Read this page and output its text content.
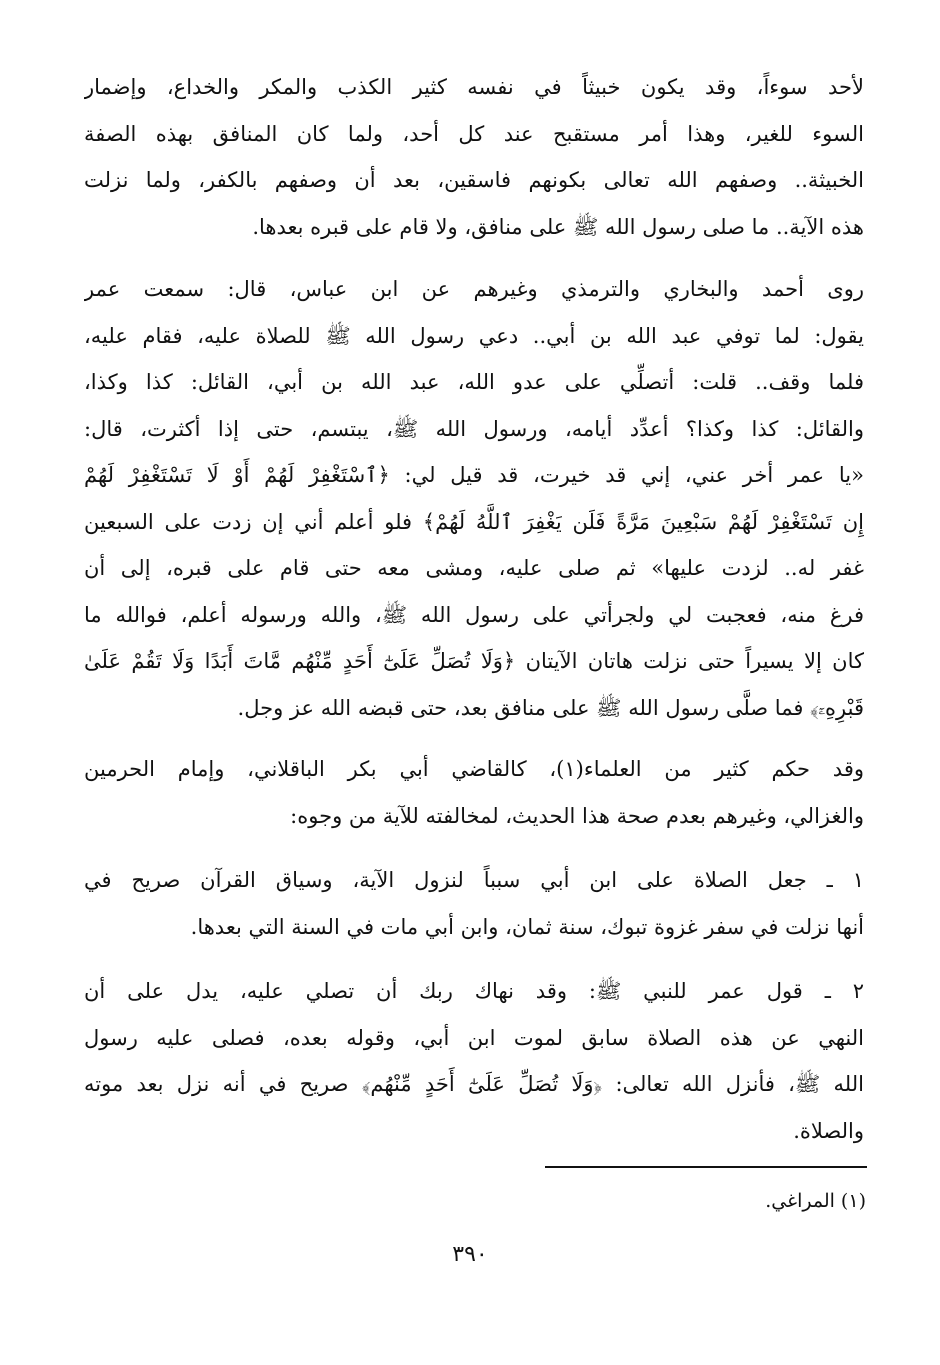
لأحد سوءاً، وقد يكون خبيثاً في نفسه كثير الكذب والمكر والخداع، وإضمار
السوء للغير، وهذا أمر مستقبح عند كل أحد، ولما كان المنافق بهذه الصفة
الخبيثة.. وصفهم الله تعالى بكونهم فاسقين، بعد أن وصفهم بالكفر، ولما نزلت
هذه الآية.. ما صلى رسول الله ﷺ على منافق، ولا قام على قبره بعدها.

روى أحمد والبخاري والترمذي وغيرهم عن ابن عباس، قال: سمعت عمر
يقول: لما توفي عبد الله بن أبي.. دعي رسول الله ﷺ للصلاة عليه، فقام عليه،
فلما وقف.. قلت: أتصلِّي على عدو الله، عبد الله بن أبي، القائل: كذا وكذا،
والقائل: كذا وكذا؟ أعدِّد أيامه، ورسول الله ﷺ، يبتسم، حتى إذا أكثرت، قال:
«يا عمر أخر عني، إني قد خيرت، قد قيل لي: ﴿ٱسْتَغْفِرْ لَهُمْ أَوْ لَا تَسْتَغْفِرْ لَهُمْ
إِن تَسْتَغْفِرْ لَهُمْ سَبْعِينَ مَرَّةً فَلَن يَغْفِرَ ٱللَّهُ لَهُمْ﴾ فلو أعلم أني إن زدت على السبعين
غفر له.. لزدت عليها» ثم صلى عليه، ومشى معه حتى قام على قبره، إلى أن
فرغ منه، فعجبت لي ولجرأتي على رسول الله ﷺ، والله ورسوله أعلم، فوالله ما
كان إلا يسيراً حتى نزلت هاتان الآيتان ﴿وَلَا تُصَلِّ عَلَىٰٓ أَحَدٍ مِّنْهُم مَّاتَ أَبَدًا وَلَا تَقُمْ عَلَىٰ
قَبْرِهِۦٓ﴾ فما صلَّى رسول الله ﷺ على منافق بعد، حتى قبضه الله عز وجل.

وقد حكم كثير من العلماء(١)، كالقاضي أبي بكر الباقلاني، وإمام الحرمين
والغزالي، وغيرهم بعدم صحة هذا الحديث، لمخالفته للآية من وجوه:

١ ـ جعل الصلاة على ابن أبي سبباً لنزول الآية، وسياق القرآن صريح في
أنها نزلت في سفر غزوة تبوك، سنة ثمان، وابن أبي مات في السنة التي بعدها.

٢ ـ قول عمر للنبي ﷺ: وقد نهاك ربك أن تصلي عليه، يدل على أن
النهي عن هذه الصلاة سابق لموت ابن أبي، وقوله بعده، فصلى عليه رسول
الله ﷺ، فأنزل الله تعالى: ﴿وَلَا تُصَلِّ عَلَىٰٓ أَحَدٍ مِّنْهُم﴾ صريح في أنه نزل بعد موته
والصلاة.

(١) المراغي.
٣٩٠
